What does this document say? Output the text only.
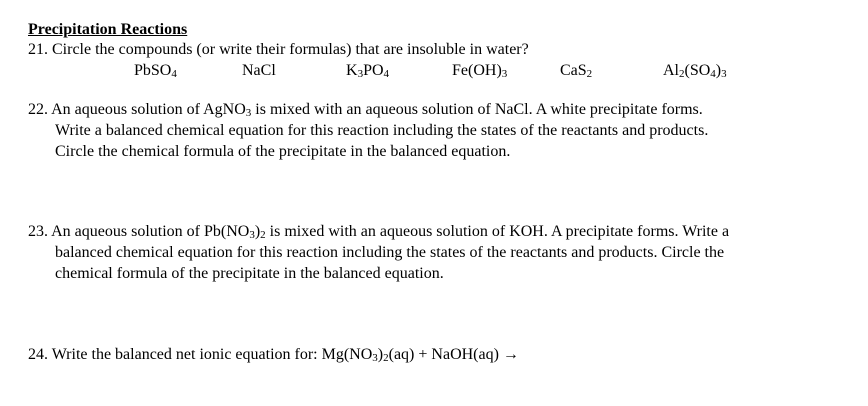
Precipitation Reactions
21. Circle the compounds (or write their formulas) that are insoluble in water?
PbSO$_4$	NaCl	$K_3PO_4$	$Fe(OH)_3$	CaS$_2$	$Al_2(SO_4)_3$
22. An aqueous solution of AgNO$_3$ is mixed with an aqueous solution of NaCl. A white precipitate forms.
Write a balanced chemical equation for this reaction including the states of the reactants and products.
Circle the chemical formula of the precipitate in the balanced equation.
23. An aqueous solution of $Pb(NO_3)_2$ is mixed with an aqueous solution of KOH. A precipitate forms. Write a
balanced chemical equation for this reaction including the states of the reactants and products. Circle the
chemical formula of the precipitate in the balanced equation.
24. Write the balanced net ionic equation for: $Mg(NO_3)_2(aq)$ + NaOH(aq) →
